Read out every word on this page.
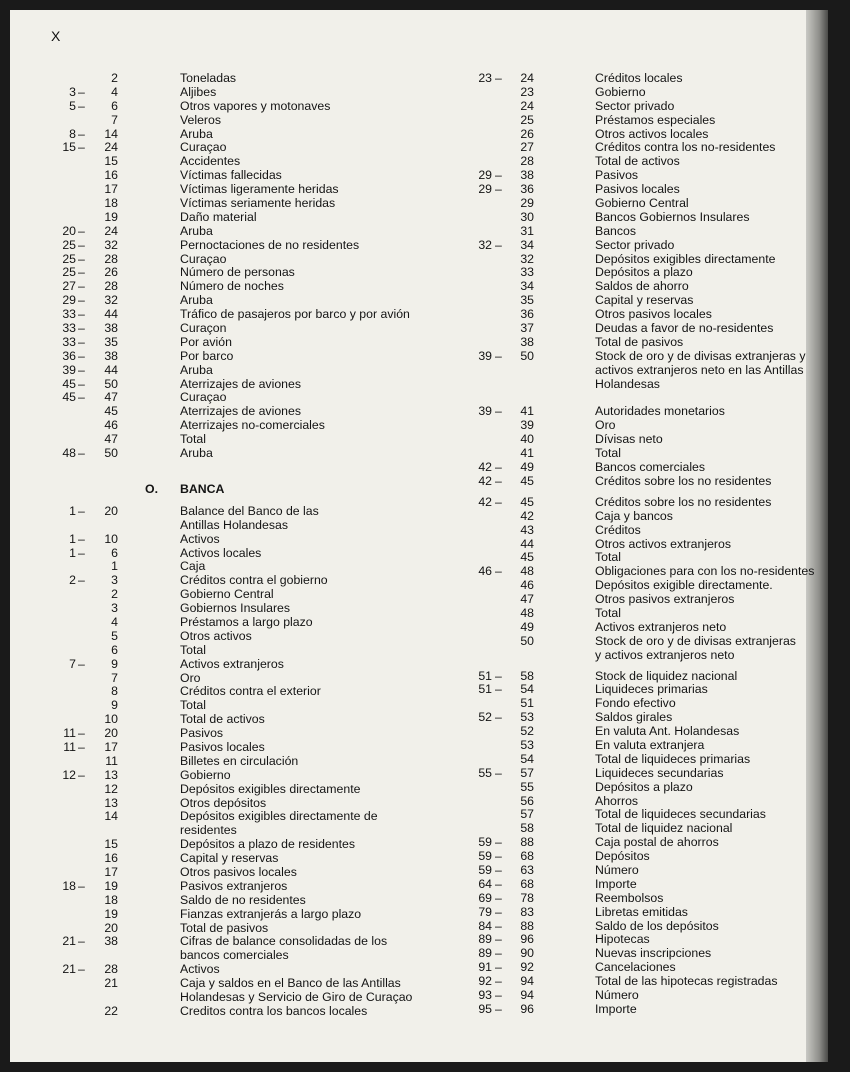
X
2	Toneladas
3 – 4	Aljibes
5 – 6	Otros vapores y motonaves
7	Veleros
8 – 14	Aruba
15 – 24	Curaçao
15	Accidentes
16	Víctimas fallecidas
17	Víctimas ligeramente heridas
18	Víctimas seriamente heridas
19	Daño material
20 – 24	Aruba
25 – 32	Pernoctaciones de no residentes
25 – 28	Curaçao
25 – 26	Número de personas
27 – 28	Número de noches
29 – 32	Aruba
33 – 44	Tráfico de pasajeros por barco y por avión
33 – 38	Curaçon
33 – 35	Por avión
36 – 38	Por barco
39 – 44	Aruba
45 – 50	Aterrizajes de aviones
45 – 47	Curaçao
45	Aterrizajes de aviones
46	Aterrizajes no-comerciales
47	Total
48 – 50	Aruba
O. BANCA
1 – 20	Balance del Banco de las
Antillas Holandesas
1 – 10	Activos
1 – 6	Activos locales
1	Caja
2 – 3	Créditos contra el gobierno
2	Gobierno Central
3	Gobiernos Insulares
4	Préstamos a largo plazo
5	Otros activos
6	Total
7 – 9	Activos extranjeros
7	Oro
8	Créditos contra el exterior
9	Total
10	Total de activos
11 – 20	Pasivos
11 – 17	Pasivos locales
11	Billetes en circulación
12 – 13	Gobierno
12	Depósitos exigibles directamente
13	Otros depósitos
14	Depósitos exigibles directamente de
residentes
15	Depósitos a plazo de residentes
16	Capital y reservas
17	Otros pasivos locales
18 – 19	Pasivos extranjeros
18	Saldo de no residentes
19	Fianzas extranjerás a largo plazo
20	Total de pasivos
21 – 38	Cifras de balance consolidadas de los
bancos comerciales
21 – 28	Activos
21	Caja y saldos en el Banco de las Antillas
Holandesas y Servicio de Giro de Curaçao
22	Creditos contra los bancos locales
23 – 24	Créditos locales
23	Gobierno
24	Sector privado
25	Préstamos especiales
26	Otros activos locales
27	Créditos contra los no-residentes
28	Total de activos
29 – 38	Pasivos
29 – 36	Pasivos locales
29	Gobierno Central
30	Bancos Gobiernos Insulares
31	Bancos
32 – 34	Sector privado
32	Depósitos exigibles directamente
33	Depósitos a plazo
34	Saldos de ahorro
35	Capital y reservas
36	Otros pasivos locales
37	Deudas a favor de no-residentes
38	Total de pasivos
39 – 50	Stock de oro y de divisas extranjeras y
activos extranjeros neto en las Antillas
Holandesas
39 – 41	Autoridades monetarios
39	Oro
40	Dívisas neto
41	Total
42 – 49	Bancos comerciales
42 – 45	Créditos sobre los no residentes
42 – 45	Créditos sobre los no residentes
42	Caja y bancos
43	Créditos
44	Otros activos extranjeros
45	Total
46 – 48	Obligaciones para con los no-residentes
46	Depósitos exigible directamente.
47	Otros pasivos extranjeros
48	Total
49	Activos extranjeros neto
50	Stock de oro y de divisas extranjeras
y activos extranjeros neto
51 – 58	Stock de liquidez nacional
51 – 54	Liquideces primarias
51	Fondo efectivo
52 – 53	Saldos girales
52	En valuta Ant. Holandesas
53	En valuta extranjera
54	Total de liquideces primarias
55 – 57	Liquideces secundarias
55	Depósitos a plazo
56	Ahorros
57	Total de liquideces secundarias
58	Total de liquidez nacional
59 – 88	Caja postal de ahorros
59 – 68	Depósitos
59 – 63	Número
64 – 68	Importe
69 – 78	Reembolsos
79 – 83	Libretas emitidas
84 – 88	Saldo de los depósitos
89 – 96	Hipotecas
89 – 90	Nuevas inscripciones
91 – 92	Cancelaciones
92 – 94	Total de las hipotecas registradas
93 – 94	Número
95 – 96	Importe
